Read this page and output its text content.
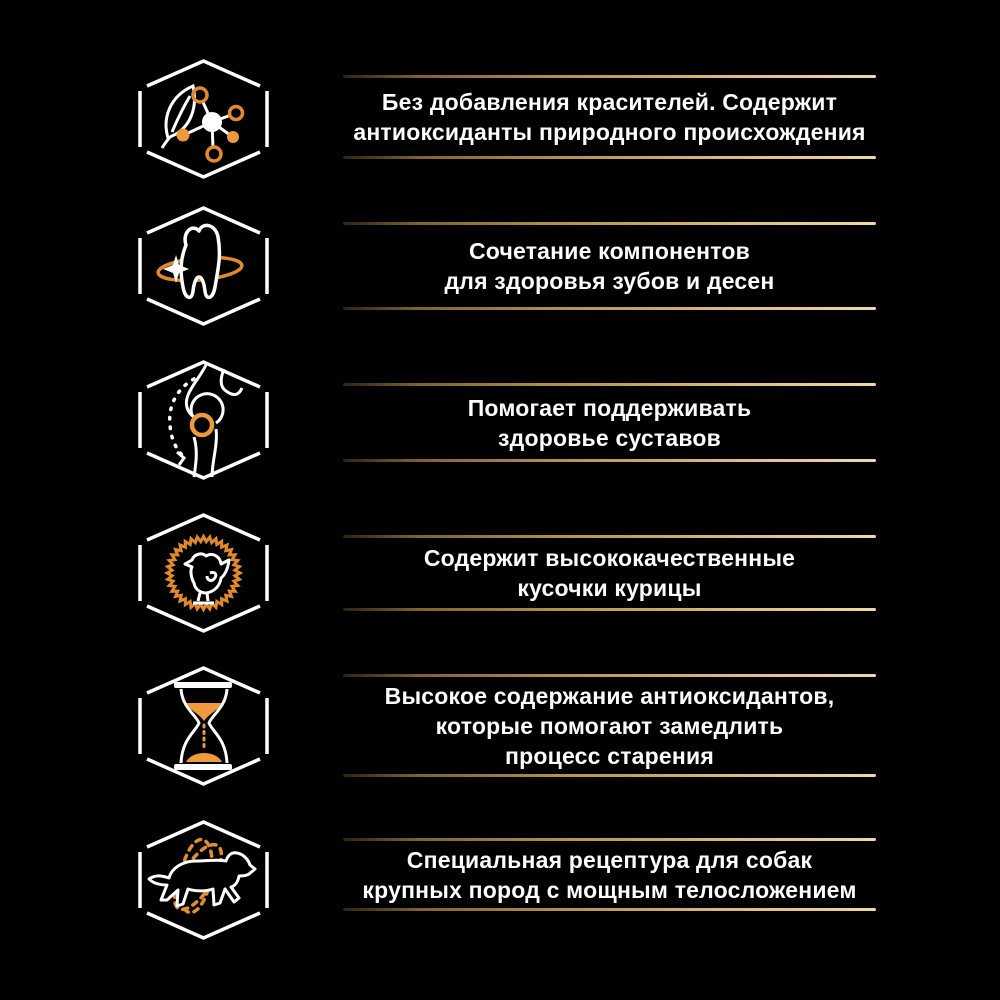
Без добавления красителей. Содержит
антиоксиданты природного происхождения
Сочетание компонентов
для здоровья зубов и десен
Помогает поддерживать
здоровье суставов
Содержит высококачественные
кусочки курицы
Высокое содержание антиоксидантов,
которые помогают замедлить
процесс старения
Специальная рецептура для собак
крупных пород с мощным телосложением
